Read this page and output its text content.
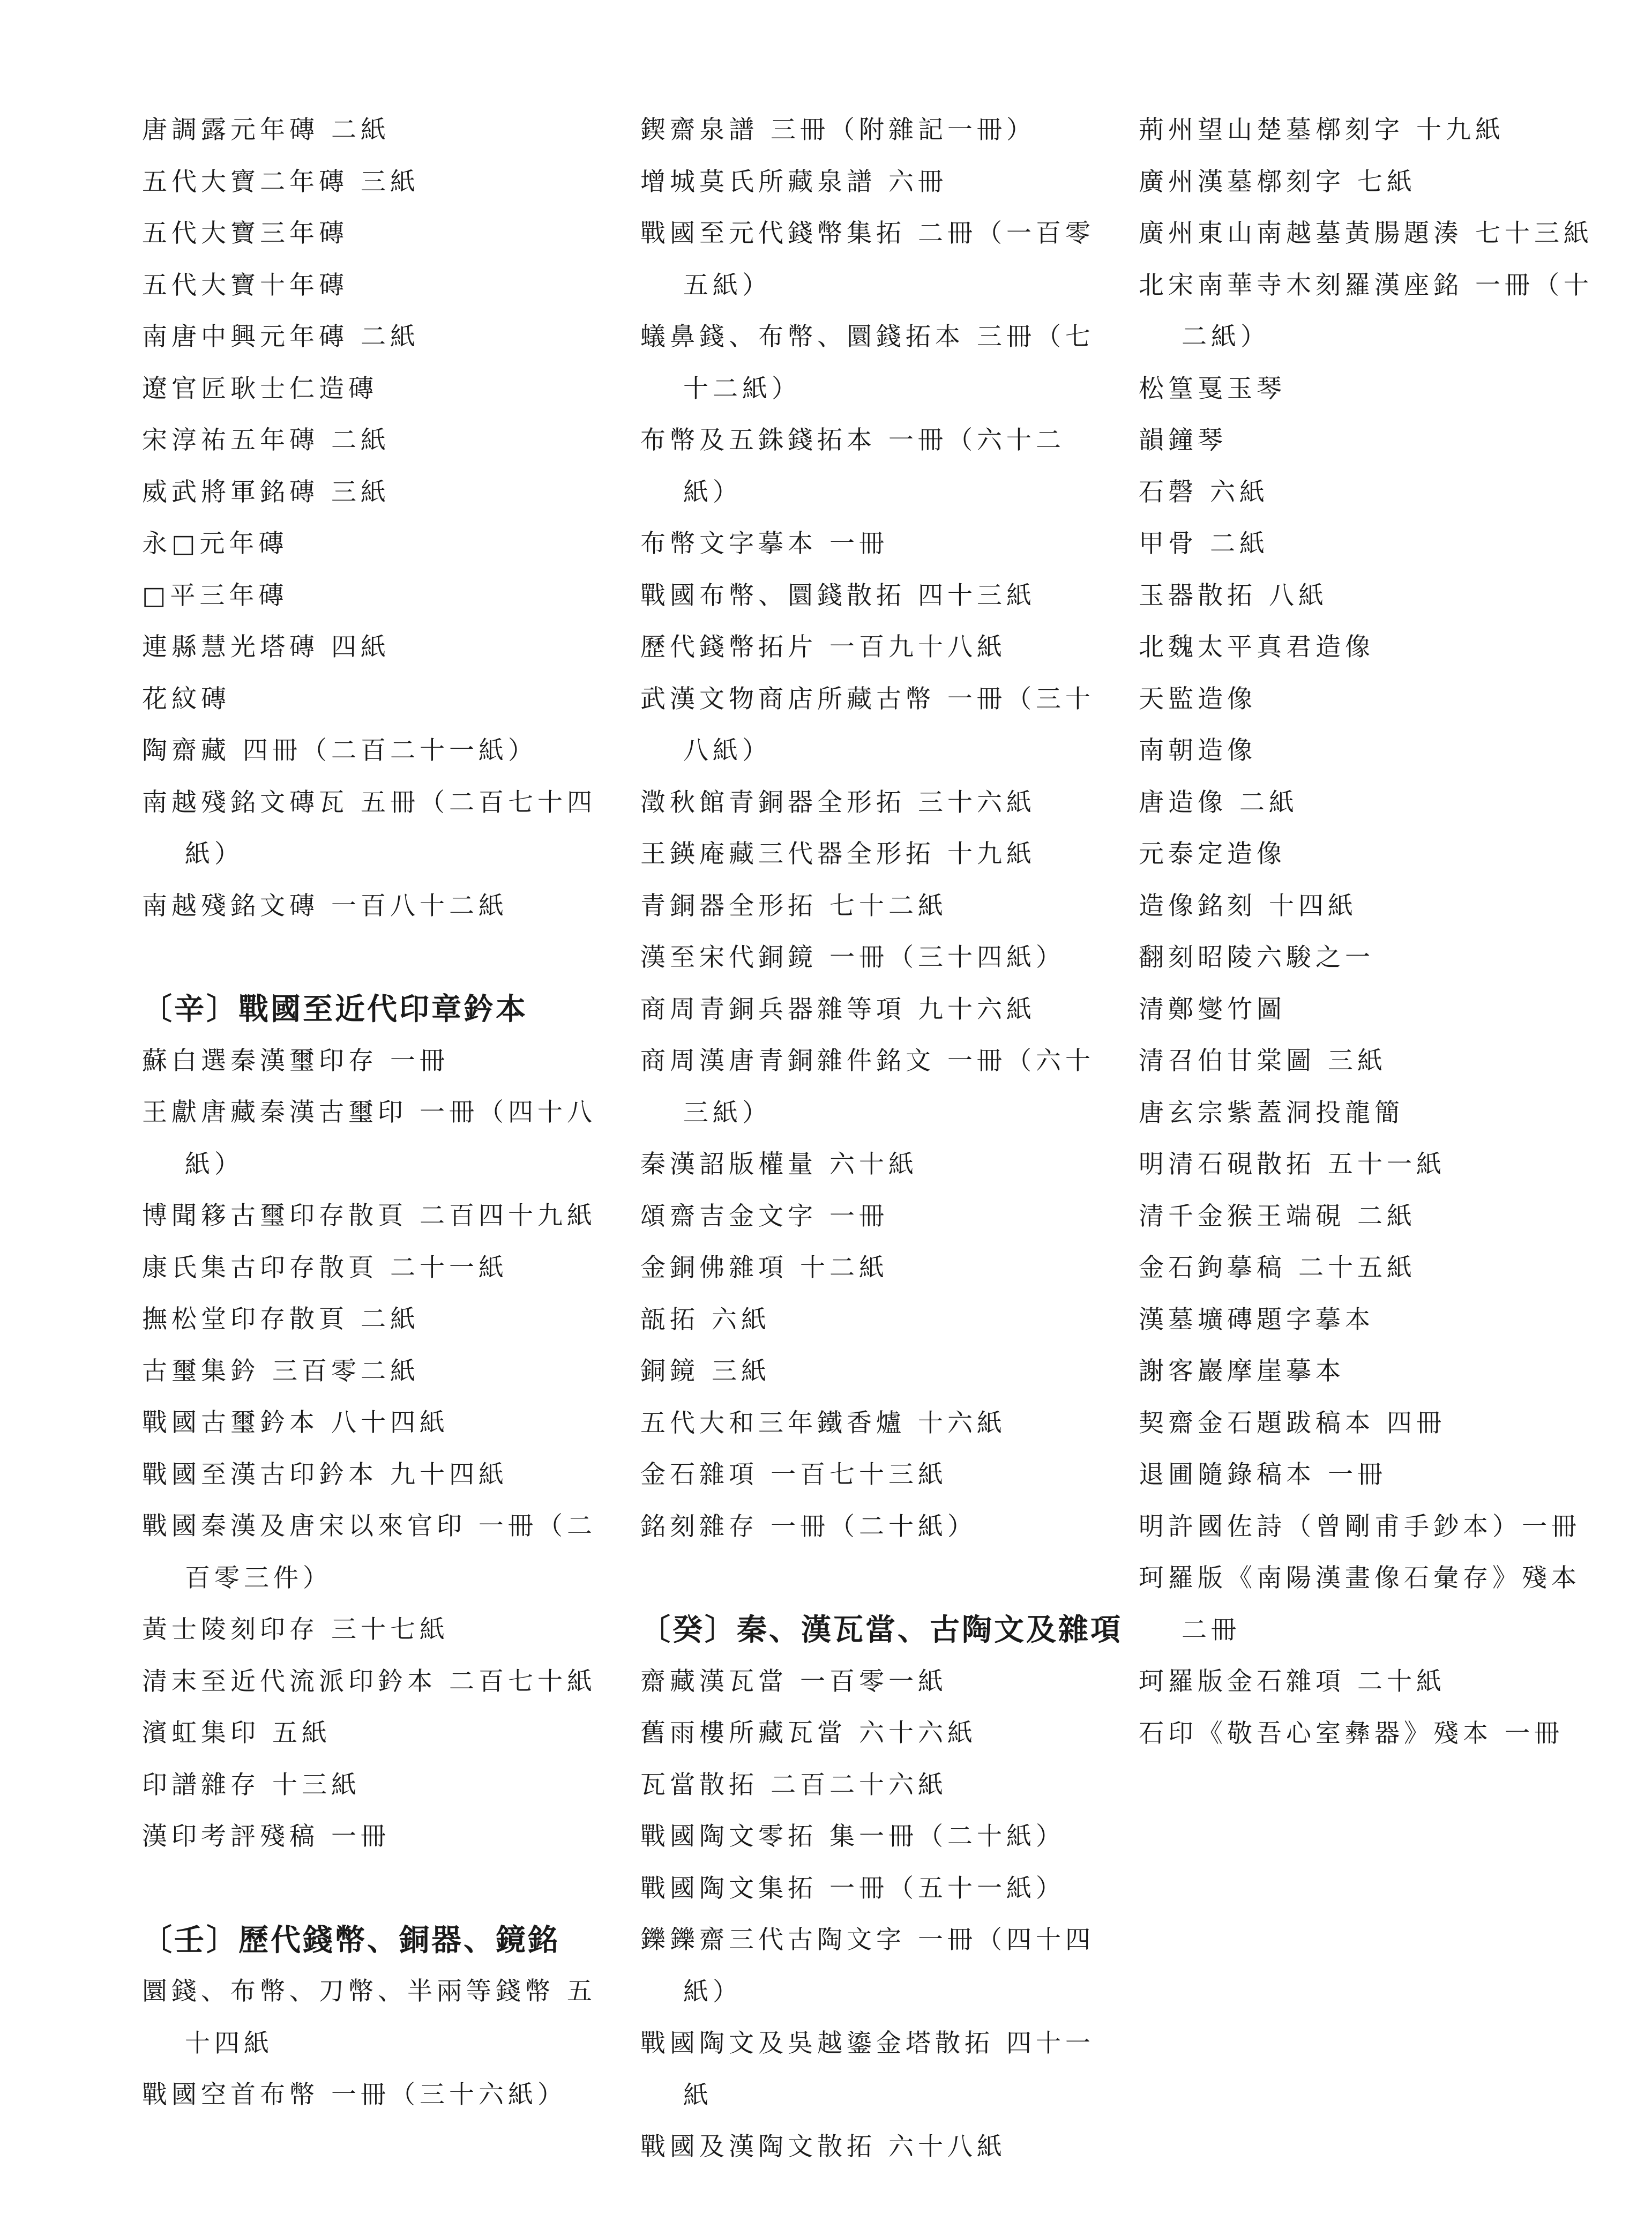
唐調露元年磚 二紙
五代大寶二年磚 三紙
五代大寶三年磚
五代大寶十年磚
南唐中興元年磚 二紙
遼官匠耿士仁造磚
宋淳祐五年磚 二紙
威武將軍銘磚 三紙
永□元年磚
□平三年磚
連縣慧光塔磚 四紙
花紋磚
陶齋藏 四冊（二百二十一紙）
南越殘銘文磚瓦 五冊（二百七十四紙）
南越殘銘文磚 一百八十二紙
〔辛〕戰國至近代印章鈐本
蘇白選秦漢璽印存 一冊
王獻唐藏秦漢古璽印 一冊（四十八紙）
博聞簃古璽印存散頁 二百四十九紙
康氏集古印存散頁 二十一紙
撫松堂印存散頁 二紙
古璽集鈐 三百零二紙
戰國古璽鈐本 八十四紙
戰國至漢古印鈐本 九十四紙
戰國秦漢及唐宋以來官印 一冊（二百零三件）
黃士陵刻印存 三十七紙
清末至近代流派印鈐本 二百七十紙
濱虹集印 五紙
印譜雜存 十三紙
漢印考評殘稿 一冊
〔壬〕歷代錢幣、銅器、鏡銘
圜錢、布幣、刀幣、半兩等錢幣 五十四紙
戰國空首布幣 一冊（三十六紙）
鍥齋泉譜 三冊（附雜記一冊）
增城莫氏所藏泉譜 六冊
戰國至元代錢幣集拓 二冊（一百零五紙）
蟻鼻錢、布幣、圜錢拓本 三冊（七十二紙）
布幣及五銖錢拓本 一冊（六十二紙）
布幣文字摹本 一冊
戰國布幣、圜錢散拓 四十三紙
歷代錢幣拓片 一百九十八紙
武漢文物商店所藏古幣 一冊（三十八紙）
澂秋館青銅器全形拓 三十六紙
王鍈庵藏三代器全形拓 十九紙
青銅器全形拓 七十二紙
漢至宋代銅鏡 一冊（三十四紙）
商周青銅兵器雜等項 九十六紙
商周漢唐青銅雜件銘文 一冊（六十三紙）
秦漢詔版權量 六十紙
頌齋吉金文字 一冊
金銅佛雜項 十二紙
瓿拓 六紙
銅鏡 三紙
五代大和三年鐵香爐 十六紙
金石雜項 一百七十三紙
銘刻雜存 一冊（二十紙）
〔癸〕秦、漢瓦當、古陶文及雜項
齋藏漢瓦當 一百零一紙
舊雨樓所藏瓦當 六十六紙
瓦當散拓 二百二十六紙
戰國陶文零拓 集一冊（二十紙）
戰國陶文集拓 一冊（五十一紙）
鑠鑠齋三代古陶文字 一冊（四十四紙）
戰國陶文及吳越鎏金塔散拓 四十一紙
戰國及漢陶文散拓 六十八紙
荊州望山楚墓槨刻字 十九紙
廣州漢墓槨刻字 七紙
廣州東山南越墓黃腸題湊 七十三紙
北宋南華寺木刻羅漢座銘 一冊（十二紙）
松篁戛玉琴
韻鐘琴
石磬 六紙
甲骨 二紙
玉器散拓 八紙
北魏太平真君造像
天監造像
南朝造像
唐造像 二紙
元泰定造像
造像銘刻 十四紙
翻刻昭陵六駿之一
清鄭燮竹圖
清召伯甘棠圖 三紙
唐玄宗紫蓋洞投龍簡
明清石硯散拓 五十一紙
清千金猴王端硯 二紙
金石鉤摹稿 二十五紙
漢墓壙磚題字摹本
謝客巖摩崖摹本
契齋金石題跋稿本 四冊
退圃隨錄稿本 一冊
明許國佐詩（曾剛甫手鈔本）一冊
珂羅版《南陽漢畫像石彙存》殘本 二冊
珂羅版金石雜項 二十紙
石印《敬吾心室彝器》殘本 一冊
